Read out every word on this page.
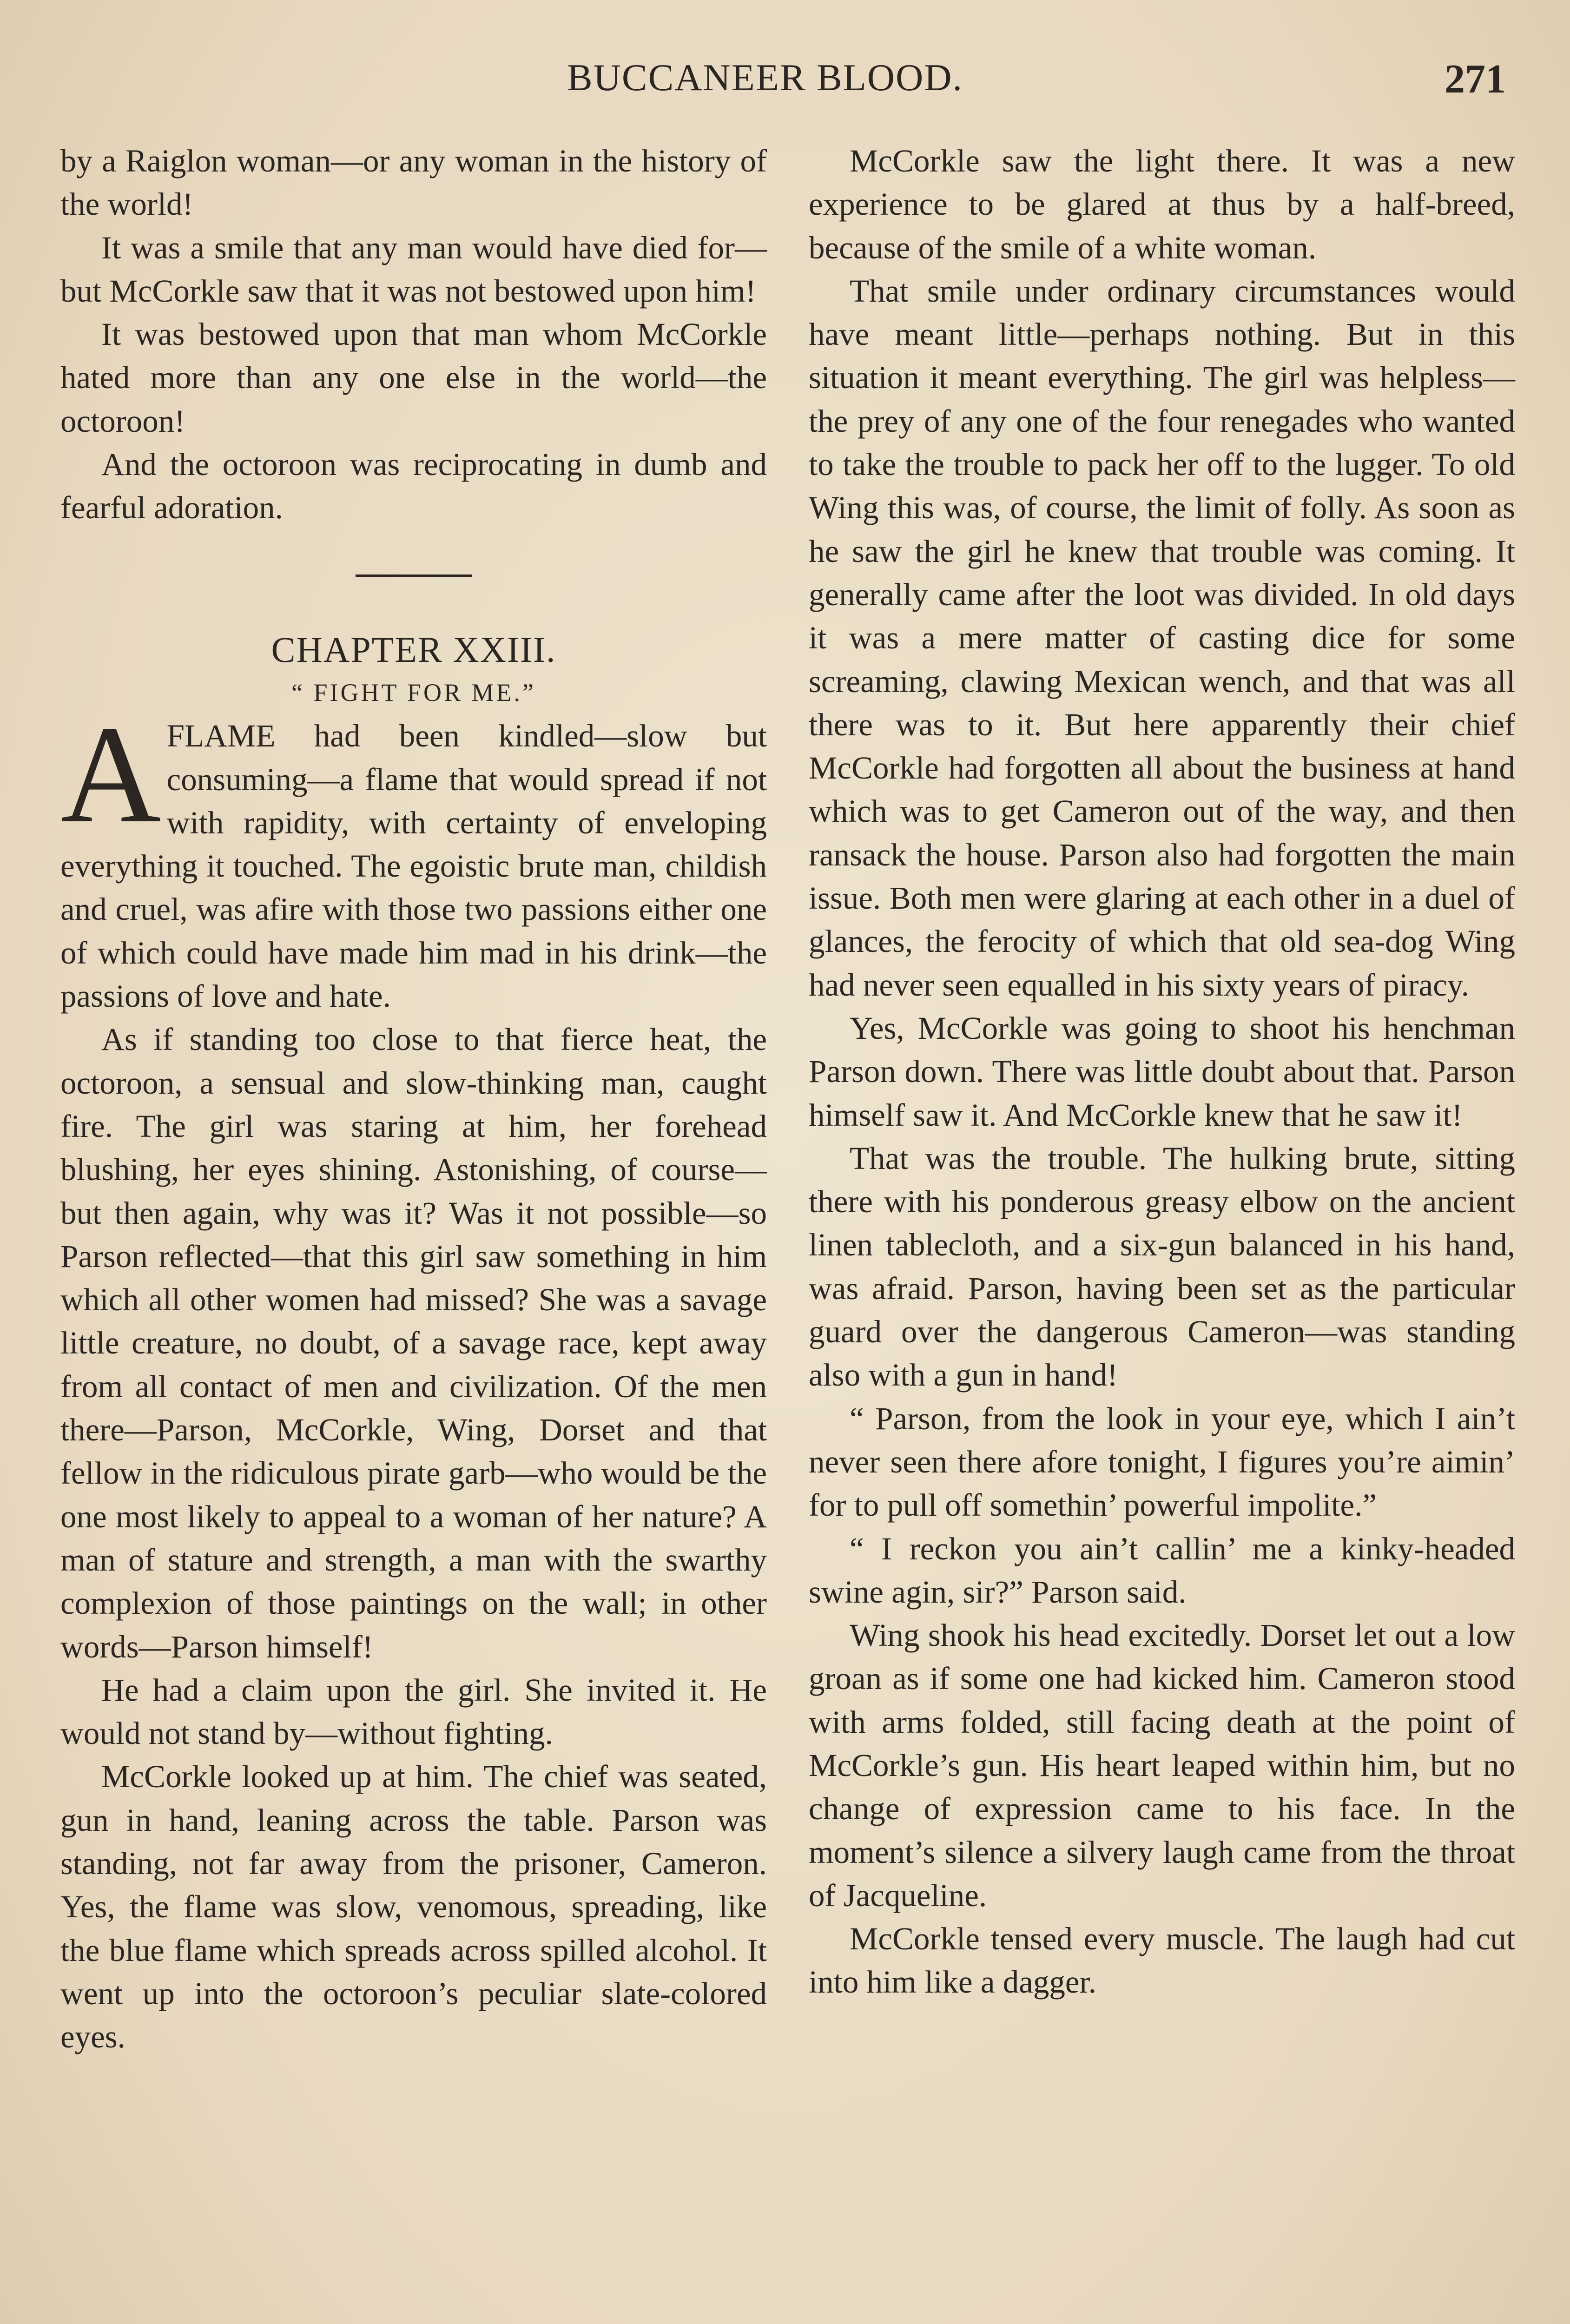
BUCCANEER BLOOD.	271

by a Raiglon woman—or any woman in the history of the world!

It was a smile that any man would have died for—but McCorkle saw that it was not bestowed upon him!

It was bestowed upon that man whom McCorkle hated more than any one else in the world—the octoroon!

And the octoroon was reciprocating in dumb and fearful adoration.

CHAPTER XXIII.

“ FIGHT FOR ME.”

AFLAME had been kindled—slow but consuming—a flame that would spread if not with rapidity, with certainty of enveloping everything it touched. The egoistic brute man, childish and cruel, was afire with those two passions either one of which could have made him mad in his drink—the passions of love and hate.

As if standing too close to that fierce heat, the octoroon, a sensual and slow-thinking man, caught fire. The girl was staring at him, her forehead blushing, her eyes shining. Astonishing, of course—but then again, why was it? Was it not possible—so Parson reflected—that this girl saw something in him which all other women had missed? She was a savage little creature, no doubt, of a savage race, kept away from all contact of men and civilization. Of the men there—Parson, McCorkle, Wing, Dorset and that fellow in the ridiculous pirate garb—who would be the one most likely to appeal to a woman of her nature? A man of stature and strength, a man with the swarthy complexion of those paintings on the wall; in other words—Parson himself!

He had a claim upon the girl. She invited it. He would not stand by—without fighting.

McCorkle looked up at him. The chief was seated, gun in hand, leaning across the table. Parson was standing, not far away from the prisoner, Cameron. Yes, the flame was slow, venomous, spreading, like the blue flame which spreads across spilled alcohol. It went up into the octoroon’s peculiar slate-colored eyes.

McCorkle saw the light there. It was a new experience to be glared at thus by a half-breed, because of the smile of a white woman.

That smile under ordinary circumstances would have meant little—perhaps nothing. But in this situation it meant everything. The girl was helpless—the prey of any one of the four renegades who wanted to take the trouble to pack her off to the lugger. To old Wing this was, of course, the limit of folly. As soon as he saw the girl he knew that trouble was coming. It generally came after the loot was divided. In old days it was a mere matter of casting dice for some screaming, clawing Mexican wench, and that was all there was to it. But here apparently their chief McCorkle had forgotten all about the business at hand which was to get Cameron out of the way, and then ransack the house. Parson also had forgotten the main issue. Both men were glaring at each other in a duel of glances, the ferocity of which that old sea-dog Wing had never seen equalled in his sixty years of piracy.

Yes, McCorkle was going to shoot his henchman Parson down. There was little doubt about that. Parson himself saw it. And McCorkle knew that he saw it!

That was the trouble. The hulking brute, sitting there with his ponderous greasy elbow on the ancient linen tablecloth, and a six-gun balanced in his hand, was afraid. Parson, having been set as the particular guard over the dangerous Cameron—was standing also with a gun in hand!

“ Parson, from the look in your eye, which I ain’t never seen there afore tonight, I figures you’re aimin’ for to pull off somethin’ powerful impolite.”

“ I reckon you ain’t callin’ me a kinky-headed swine agin, sir?” Parson said.

Wing shook his head excitedly. Dorset let out a low groan as if some one had kicked him. Cameron stood with arms folded, still facing death at the point of McCorkle’s gun. His heart leaped within him, but no change of expression came to his face. In the moment’s silence a silvery laugh came from the throat of Jacqueline.

McCorkle tensed every muscle. The laugh had cut into him like a dagger.
